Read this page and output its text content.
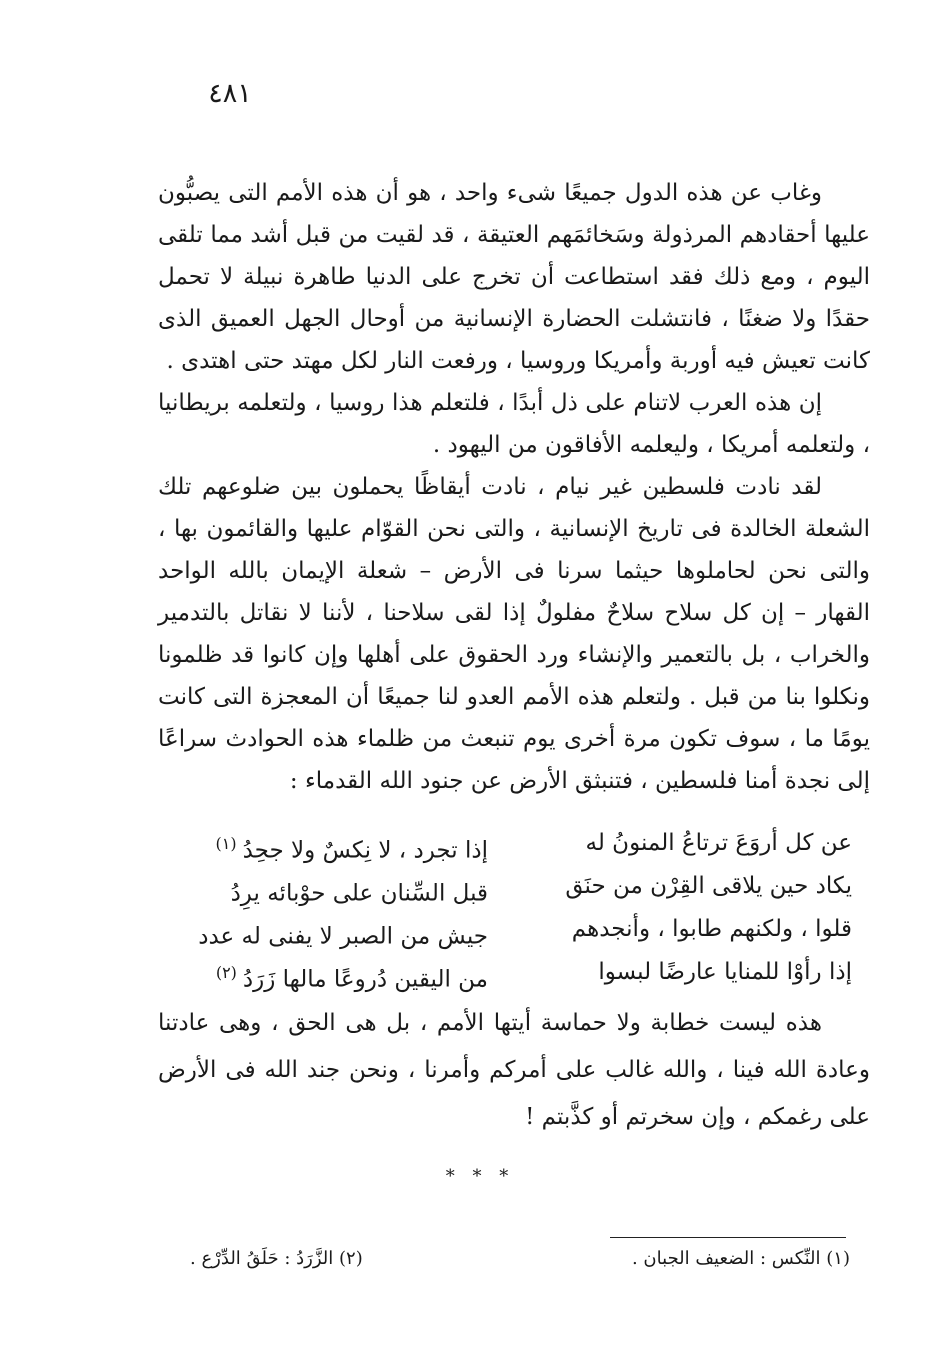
٤٨١

وغاب عن هذه الدول جميعًا شىء واحد ، هو أن هذه الأمم التى يصبُّون عليها أحقادهم المرذولة وسَخائمَهم العتيقة ، قد لقيت من قبل أشد مما تلقى اليوم ، ومع ذلك فقد استطاعت أن تخرج على الدنيا طاهرة نبيلة لا تحمل حقدًا ولا ضغنًا ، فانتشلت الحضارة الإنسانية من أوحال الجهل العميق الذى كانت تعيش فيه أوربة وأمريكا وروسيا ، ورفعت النار لكل مهتد حتى اهتدى .

إن هذه العرب لاتنام على ذل أبدًا ، فلتعلم هذا روسيا ، ولتعلمه بريطانيا ، ولتعلمه أمريكا ، وليعلمه الأفاقون من اليهود .

لقد نادت فلسطين غير نيام ، نادت أيقاظًا يحملون بين ضلوعهم تلك الشعلة الخالدة فى تاريخ الإنسانية ، والتى نحن القوّام عليها والقائمون بها ، والتى نحن لحاملوها حيثما سرنا فى الأرض – شعلة الإيمان بالله الواحد القهار – إن كل سلاح سلاحٌ مفلولٌ إذا لقى سلاحنا ، لأننا لا نقاتل بالتدمير والخراب ، بل بالتعمير والإنشاء ورد الحقوق على أهلها وإن كانوا قد ظلمونا ونكلوا بنا من قبل . ولتعلم هذه الأمم العدو لنا جميعًا أن المعجزة التى كانت يومًا ما ، سوف تكون مرة أخرى يوم تنبعث من ظلماء هذه الحوادث سراعًا إلى نجدة أمنا فلسطين ، فتنبثق الأرض عن جنود الله القدماء :

عن كل أروَعَ ترتاعُ المنونُ له
إذا تجرد ، لا نِكسٌ ولا جحِدُ$^{(١)}$
يكاد حين يلاقى القِرْن من حنَق
قبل السِّنان على حوْبائه يرِدُ
قلوا ، ولكنهم طابوا ، وأنجدهم
جيش من الصبر لا يفنى له عدد
إذا رأوْا للمنايا عارضًا لبسوا
من اليقين دُروعًا مالها زَرَدُ$^{(٢)}$

هذه ليست خطابة ولا حماسة أيتها الأمم ، بل هى الحق ، وهى عادتنا وعادة الله فينا ، والله غالب على أمركم وأمرنا ، ونحن جند الله فى الأرض على رغمكم ، وإن سخرتم أو كذَّبتم !

* * *
(١) النِّكس : الضعيف الجبان .
(٢) الزَّرَدُ : حَلَقُ الدِّرْع .
